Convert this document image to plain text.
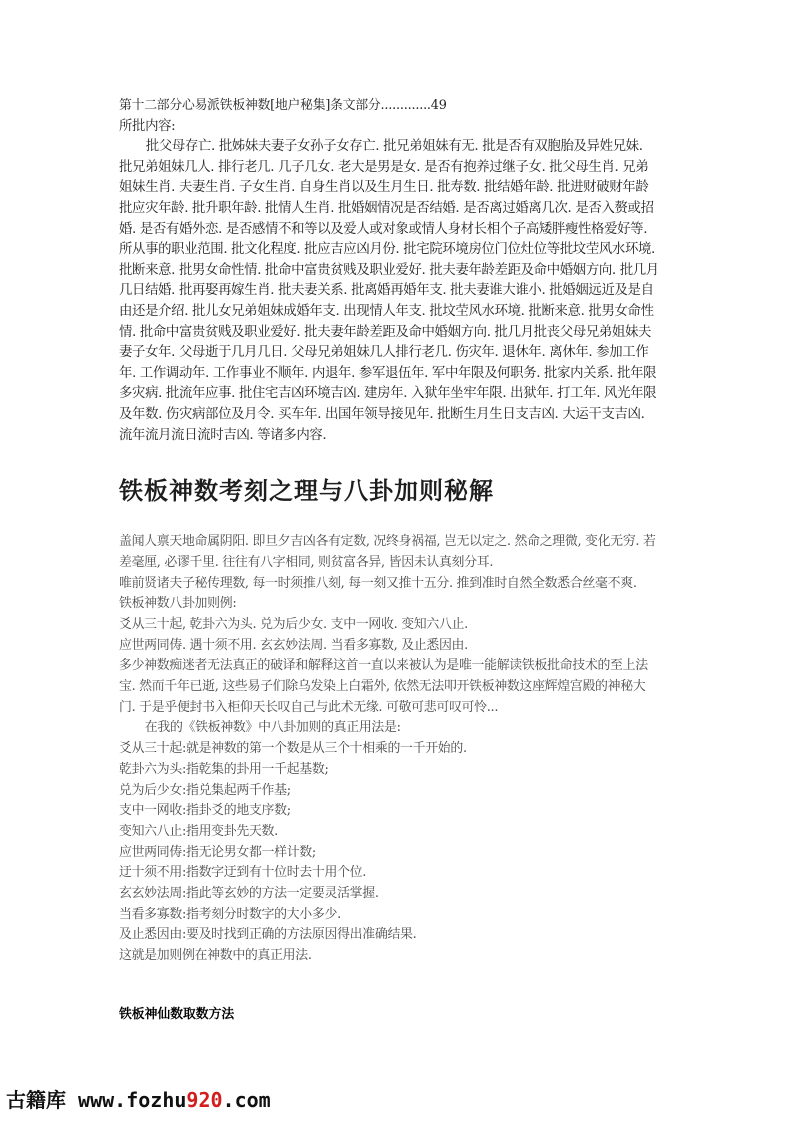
第十二部分心易派铁板神数[地户秘集]条文部分.............49

所批内容:

批父母存亡. 批姊妹夫妻子女孙子女存亡. 批兄弟姐妹有无. 批是否有双胞胎及异姓兄妹. 批兄弟姐妹几人. 排行老几. 几子几女. 老大是男是女. 是否有抱养过继子女. 批父母生肖. 兄弟姐妹生肖. 夫妻生肖. 子女生肖. 自身生肖以及生月生日. 批寿数. 批结婚年龄. 批进财破财年龄批应灾年龄. 批升职年龄. 批情人生肖. 批婚姻情况是否结婚. 是否离过婚离几次. 是否入赘或招婚. 是否有婚外恋. 是否感情不和等以及爱人或对象或情人身材长相个子高矮胖瘦性格爱好等. 所从事的职业范围. 批文化程度. 批应吉应凶月份. 批宅院环境房位门位灶位等批坟茔风水环境. 批断来意. 批男女命性情. 批命中富贵贫贱及职业爱好. 批夫妻年龄差距及命中婚姻方向. 批几月几日结婚. 批再娶再嫁生肖. 批夫妻关系. 批离婚再婚年支. 批夫妻谁大谁小. 批婚姻远近及是自由还是介绍. 批儿女兄弟姐妹成婚年支. 出现情人年支. 批坟茔风水环境. 批断来意. 批男女命性情. 批命中富贵贫贱及职业爱好. 批夫妻年龄差距及命中婚姻方向. 批几月批丧父母兄弟姐妹夫妻子女年. 父母逝于几月几日. 父母兄弟姐妹几人排行老几. 伤灾年. 退休年. 离休年. 参加工作年. 工作调动年. 工作事业不顺年. 内退年. 参军退伍年. 军中年限及何职务. 批家内关系. 批年限多灾病. 批流年应事. 批住宅吉凶环境吉凶. 建房年. 入狱年坐牢年限. 出狱年. 打工年. 风光年限及年数. 伤灾病部位及月令. 买车年. 出国年领导接见年. 批断生月生日支吉凶. 大运干支吉凶. 流年流月流日流时吉凶. 等诸多内容.

铁板神数考刻之理与八卦加则秘解

盖闻人禀天地命属阴阳. 即旦夕吉凶各有定数, 况终身祸福, 岂无以定之. 然命之理微, 变化无穷. 若差毫厘, 必谬千里. 往往有八字相同, 则贫富各异, 皆因未认真刻分耳.

唯前贤诸夫子秘传理数, 每一时须推八刻, 每一刻又推十五分. 推到准时自然全数悉合丝毫不爽.

铁板神数八卦加则例:

爻从三十起, 乾卦六为头. 兑为后少女. 支中一网收. 变知六八止.

应世两同俦. 遇十须不用. 玄玄妙法周. 当看多寡数, 及止悉因由.

多少神数痴迷者无法真正的破译和解释这首一直以来被认为是唯一能解读铁板批命技术的至上法宝. 然而千年已逝, 这些易子们除乌发染上白霜外, 依然无法叩开铁板神数这座辉煌宫殿的神秘大门. 于是乎便封书入柜仰天长叹自己与此术无缘. 可敬可悲可叹可怜...

在我的《铁板神数》中八卦加则的真正用法是:

爻从三十起:就是神数的第一个数是从三个十相乘的一千开始的.

乾卦六为头:指乾集的卦用一千起基数;

兑为后少女:指兑集起两千作基;

支中一网收:指卦爻的地支序数;

变知六八止:指用变卦先天数.

应世两同俦:指无论男女都一样计数;

迂十须不用:指数字迂到有十位时去十用个位.

玄玄妙法周:指此等玄妙的方法一定要灵活掌握.

当看多寡数:指考刻分时数字的大小多少.

及止悉因由:要及时找到正确的方法原因得出准确结果.

这就是加则例在神数中的真正用法.

铁板神仙数取数方法
古籍库 www.fozhu920.com
